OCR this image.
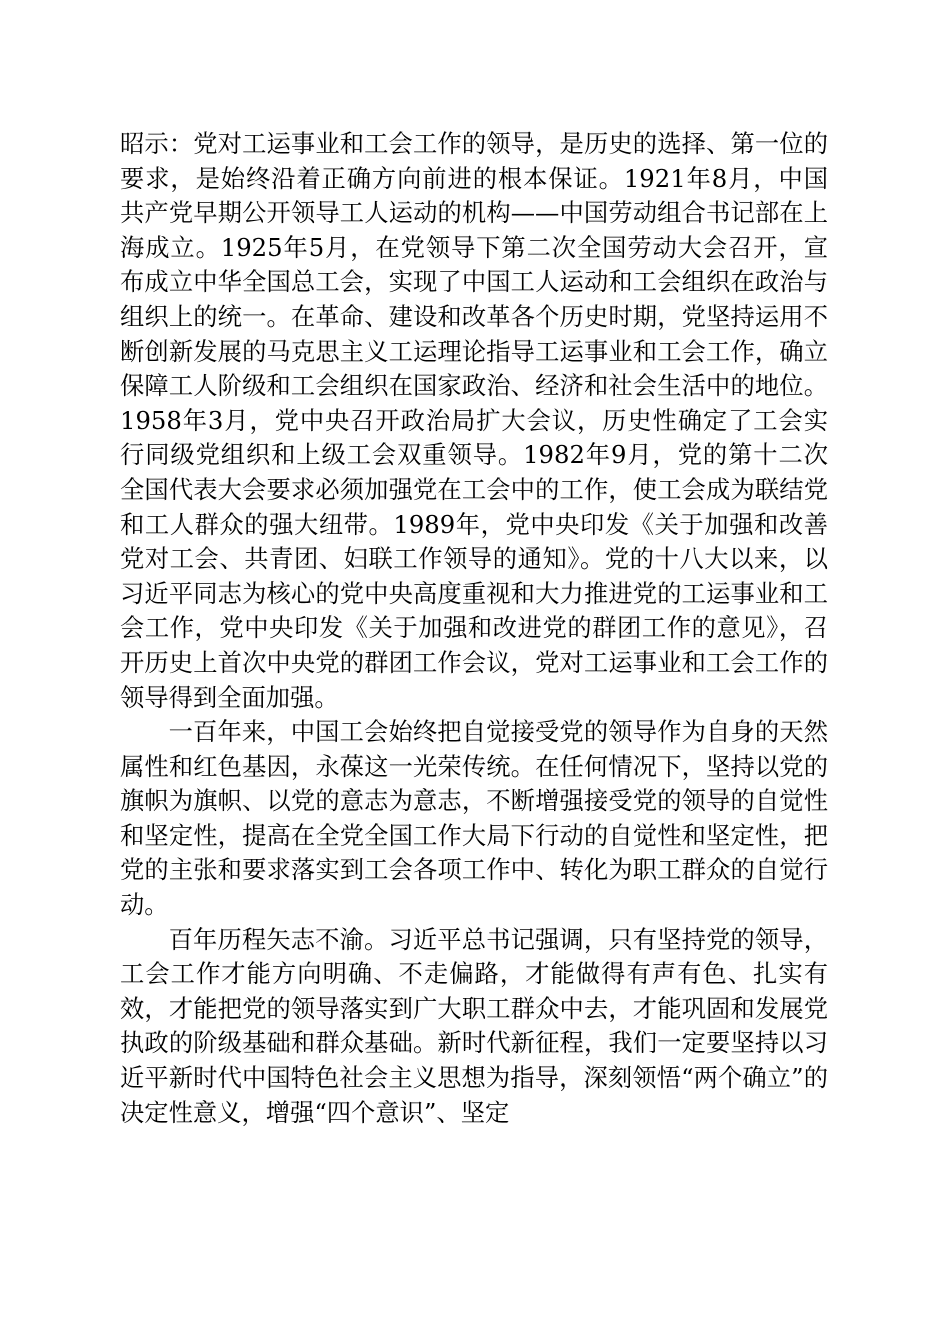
昭示：党对工运事业和工会工作的领导，是历史的选择、第一位的要求，是始终沿着正确方向前进的根本保证。1921年8月，中国共产党早期公开领导工人运动的机构——中国劳动组合书记部在上海成立。1925年5月，在党领导下第二次全国劳动大会召开，宣布成立中华全国总工会，实现了中国工人运动和工会组织在政治与组织上的统一。在革命、建设和改革各个历史时期，党坚持运用不断创新发展的马克思主义工运理论指导工运事业和工会工作，确立保障工人阶级和工会组织在国家政治、经济和社会生活中的地位。1958年3月，党中央召开政治局扩大会议，历史性确定了工会实行同级党组织和上级工会双重领导。1982年9月，党的第十二次全国代表大会要求必须加强党在工会中的工作，使工会成为联结党和工人群众的强大纽带。1989年，党中央印发《关于加强和改善党对工会、共青团、妇联工作领导的通知》。党的十八大以来，以习近平同志为核心的党中央高度重视和大力推进党的工运事业和工会工作，党中央印发《关于加强和改进党的群团工作的意见》，召开历史上首次中央党的群团工作会议，党对工运事业和工会工作的领导得到全面加强。

一百年来，中国工会始终把自觉接受党的领导作为自身的天然属性和红色基因，永葆这一光荣传统。在任何情况下，坚持以党的旗帜为旗帜、以党的意志为意志，不断增强接受党的领导的自觉性和坚定性，提高在全党全国工作大局下行动的自觉性和坚定性，把党的主张和要求落实到工会各项工作中、转化为职工群众的自觉行动。

百年历程矢志不渝。习近平总书记强调，只有坚持党的领导，工会工作才能方向明确、不走偏路，才能做得有声有色、扎实有效，才能把党的领导落实到广大职工群众中去，才能巩固和发展党执政的阶级基础和群众基础。新时代新征程，我们一定要坚持以习近平新时代中国特色社会主义思想为指导，深刻领悟“两个确立”的决定性意义，增强“四个意识”、坚定
